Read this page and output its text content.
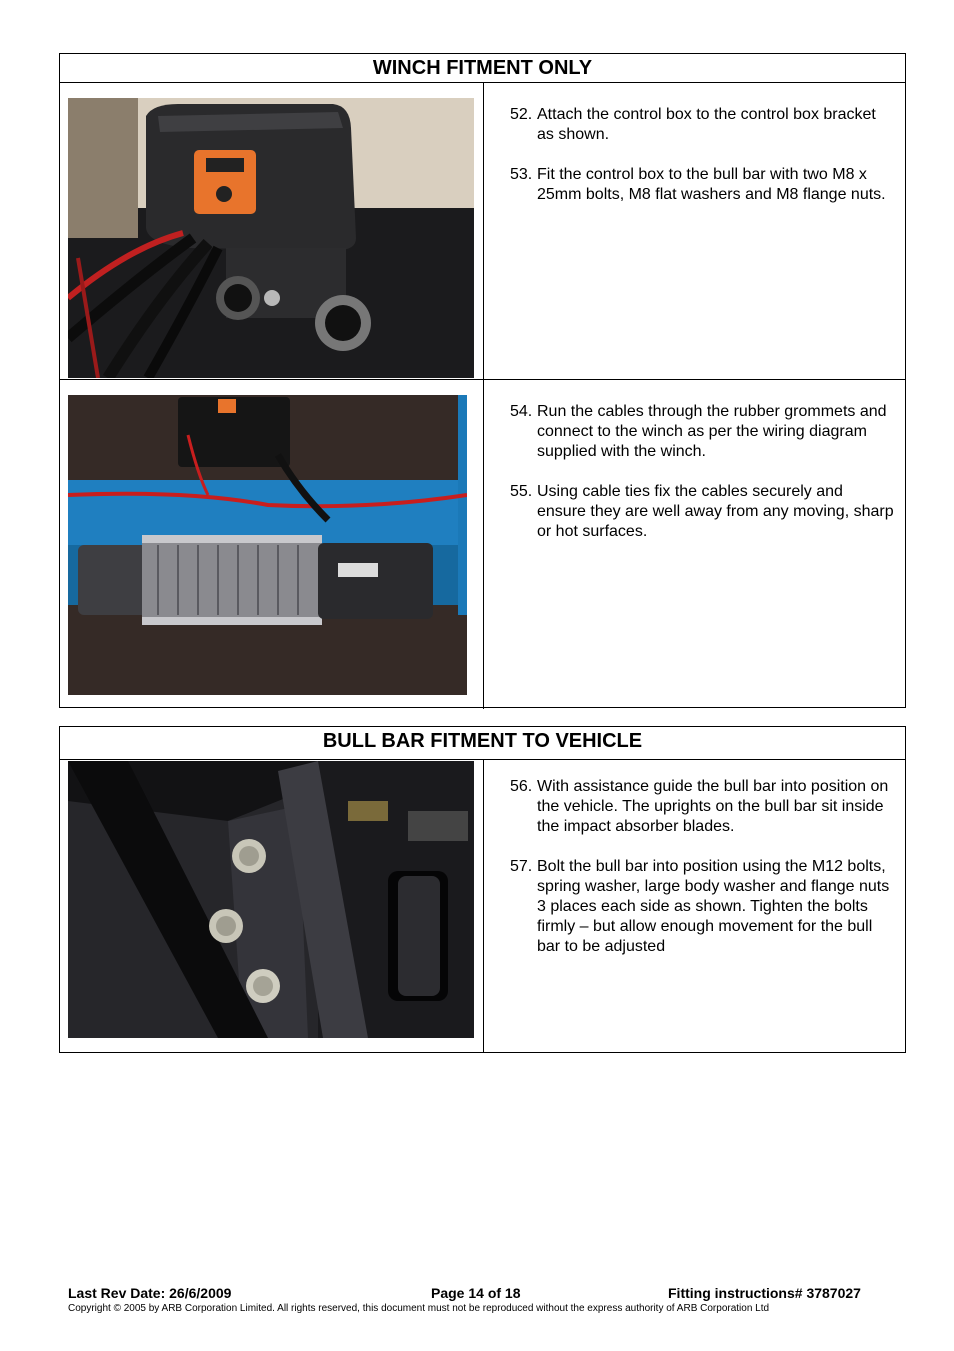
WINCH FITMENT ONLY
52. Attach the control box to the control box bracket as shown.
53. Fit the control box to the bull bar with two M8 x 25mm bolts, M8 flat washers and M8 flange nuts.
54. Run the cables through the rubber grommets and connect to the winch as per the wiring diagram supplied with the winch.
55. Using cable ties fix the cables securely and ensure they are well away from any moving, sharp or hot surfaces.
BULL BAR FITMENT TO VEHICLE
56. With assistance guide the bull bar into position on the vehicle. The uprights on the bull bar sit inside the impact absorber blades.
57. Bolt the bull bar into position using the M12 bolts, spring washer, large body washer and flange nuts 3 places each side as shown. Tighten the bolts firmly – but allow enough movement for the bull bar to be adjusted
Last Rev Date: 26/6/2009	Page 14 of 18	Fitting instructions# 3787027
Copyright © 2005 by ARB Corporation Limited. All rights reserved, this document must not be reproduced without the express authority of ARB Corporation Ltd
